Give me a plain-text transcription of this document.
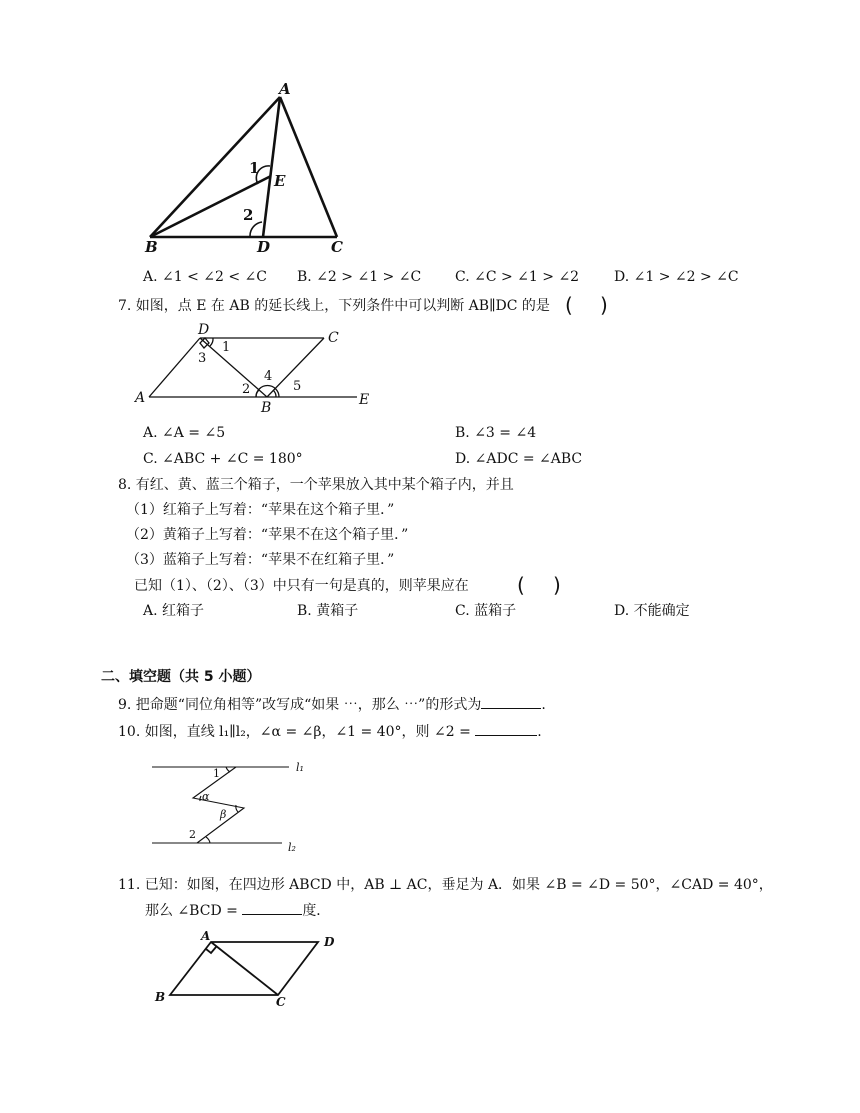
A
B	C
D
E
1
2
A. ∠1 < ∠2 < ∠C B. ∠2 > ∠1 > ∠C C. ∠C > ∠1 > ∠2 D. ∠1 > ∠2 > ∠C
7. 如图，点 E 在 AB 的延长线上，下列条件中可以判断 AB∥DC 的是 ( )
D	C
A
B	E
1
3
2
4
5
A. ∠A = ∠5	B. ∠3 = ∠4
C. ∠ABC + ∠C = 180°	D. ∠ADC = ∠ABC
8. 有红、黄、蓝三个箱子，一个苹果放入其中某个箱子内，并且
（1）红箱子上写着：“苹果在这个箱子里．”
（2）黄箱子上写着：“苹果不在这个箱子里．”
（3）蓝箱子上写着：“苹果不在红箱子里．”
已知（1）、（2）、（3）中只有一句是真的，则苹果应在 ( )
A. 红箱子	B. 黄箱子	C. 蓝箱子	D. 不能确定
二、填空题（共 5 小题）
9. 把命题“同位角相等”改写成“如果 ⋯，那么 ⋯”的形式为	.
10. 如图，直线 l₁∥l₂，∠α = ∠β，∠1 = 40°，则 ∠2 =	.
l₁
l₂
1
α
β
2
11. 已知：如图，在四边形 ABCD 中，AB ⊥ AC，垂足为 A．如果 ∠B = ∠D = 50°，∠CAD = 40°，
那么 ∠BCD =	度．
A
B	C
D
